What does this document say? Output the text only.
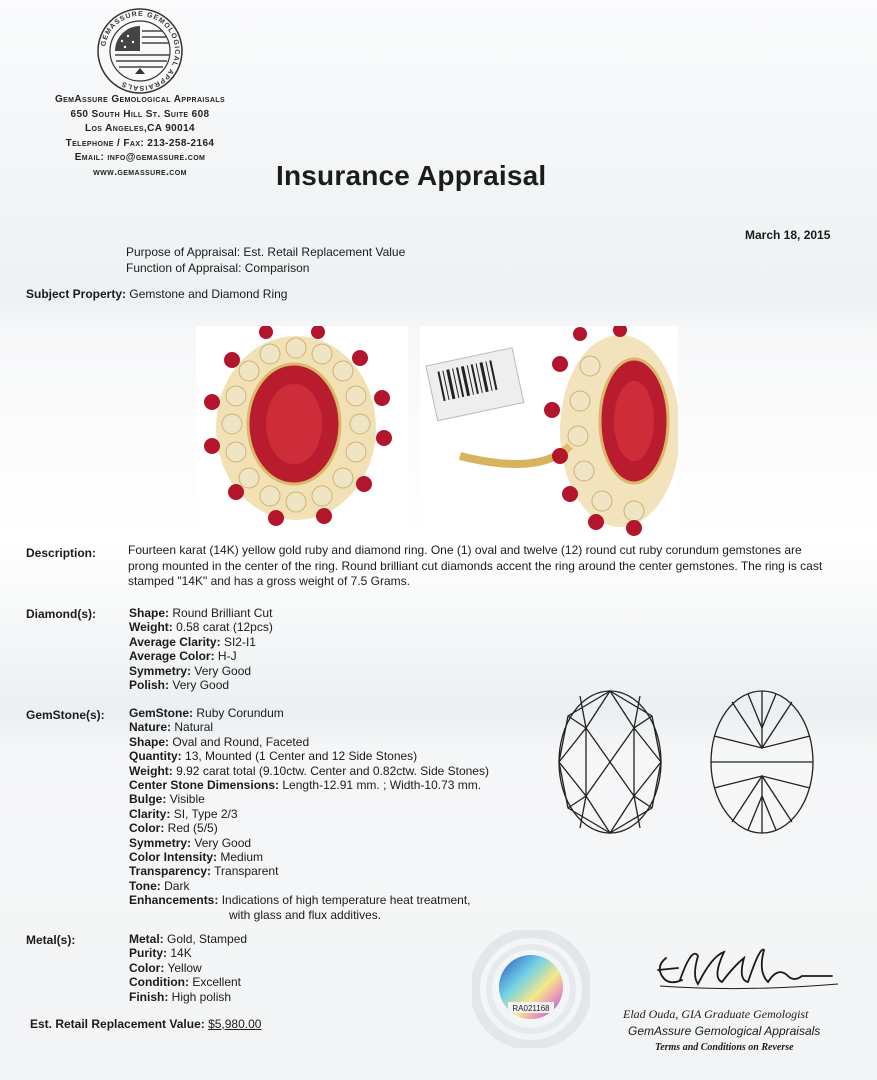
GEMASSURE GEMOLOGICAL APPRAISALS
GemAssure Gemological Appraisals
650 South Hill St. Suite 608
Los Angeles,CA 90014
Telephone / Fax: 213-258-2164
Email: info@gemassure.com
www.gemassure.com	Insurance Appraisal
March 18, 2015
Purpose of Appraisal: Est. Retail Replacement Value
Function of Appraisal: Comparison
Subject Property: Gemstone and Diamond Ring
Description:	Fourteen karat (14K) yellow gold ruby and diamond ring. One (1) oval and twelve (12) round cut ruby corundum gemstones are prong mounted in the center of the ring. Round brilliant cut diamonds accent the ring around the center gemstones. The ring is cast stamped "14K" and has a gross weight of 7.5 Grams.
Diamond(s):	Shape: Round Brilliant Cut
Weight: 0.58 carat (12pcs)
Average Clarity: SI2-I1
Average Color: H-J
Symmetry: Very Good
Polish: Very Good
GemStone(s): GemStone: Ruby Corundum
Nature: Natural
Shape: Oval and Round, Faceted
Quantity: 13, Mounted (1 Center and 12 Side Stones)
Weight: 9.92 carat total (9.10ctw. Center and 0.82ctw. Side Stones)
Center Stone Dimensions: Length-12.91 mm. ; Width-10.73 mm.
Bulge: Visible
Clarity: SI, Type 2/3
Color: Red (5/5)
Symmetry: Very Good
Color Intensity: Medium
Transparency: Transparent
Tone: Dark
Enhancements: Indications of high temperature heat treatment,
with glass and flux additives.
Metal(s):	Metal: Gold, Stamped
Purity: 14K
Color: Yellow
Condition: Excellent
Finish: High polish
RA021168
Est. Retail Replacement Value: $5,980.00
Elad Ouda, GIA Graduate Gemologist
GemAssure Gemological Appraisals
Terms and Conditions on Reverse
